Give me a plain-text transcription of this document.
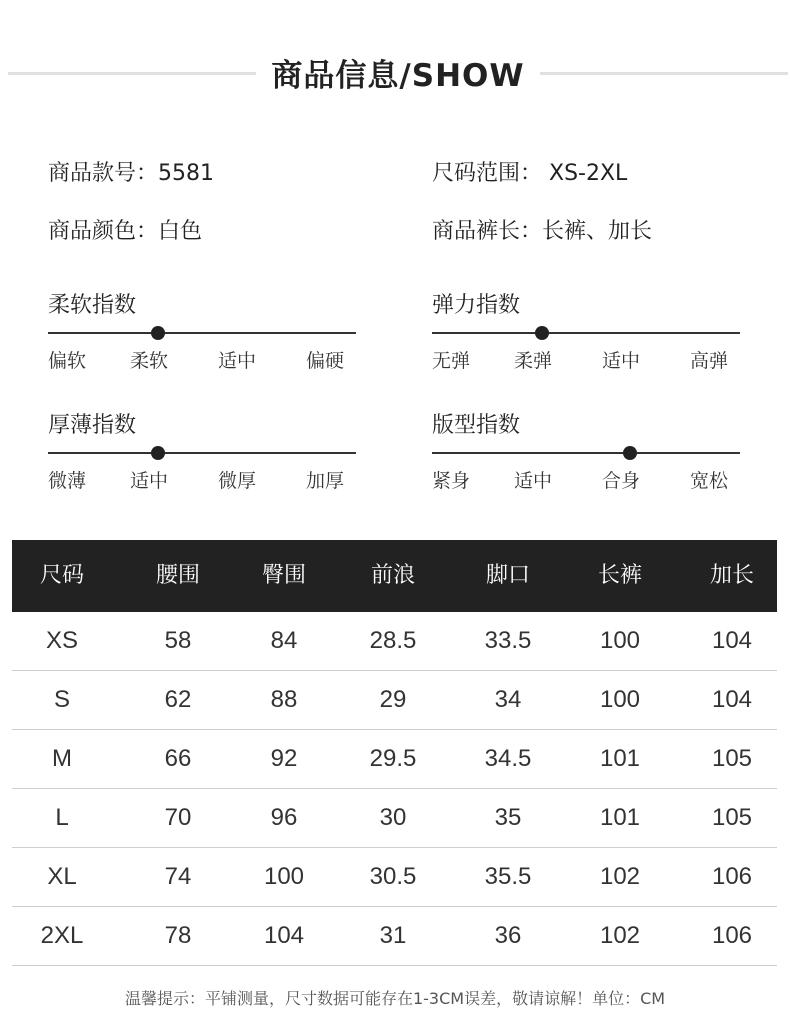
商品信息/SHOW
商品款号：5581	尺码范围： XS-2XL
商品颜色：白色	商品裤长：长裤、加长
柔软指数
偏软 柔软	适中	偏硬
弹力指数
无弹 柔弹	适中	高弹
厚薄指数
微薄 适中	微厚	加厚
版型指数
紧身 适中	合身	宽松
尺码	腰围	臀围	前浪	脚口	长裤	加长
XS	58	84	28.5	33.5	100	104
S	62	88	29	34	100	104
M	66	92	29.5	34.5	101	105
L	70	96	30	35	101	105
XL	74	100	30.5	35.5	102	106
2XL	78	104	31	36	102	106
温馨提示：平铺测量，尺寸数据可能存在1-3CM误差，敬请谅解！单位：CM
